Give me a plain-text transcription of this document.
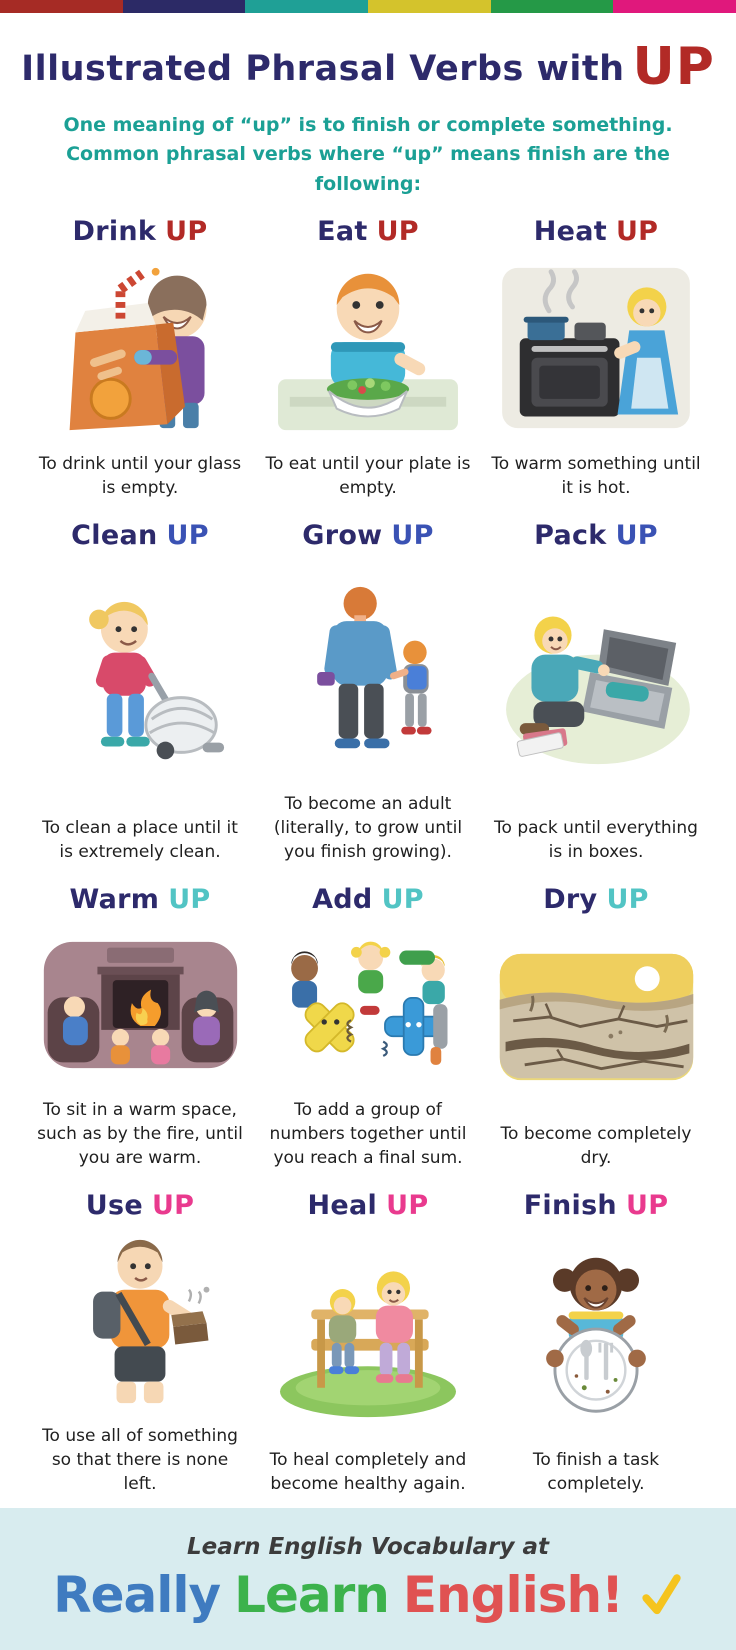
Illustrated Phrasal Verbs with UP
One meaning of “up” is to finish or complete something.
Common phrasal verbs where “up” means finish are the following:
Drink UP

To drink until your glass is empty.

Eat UP

To eat until your plate is empty.

Heat UP

To warm something until it is hot.

Clean UP

To clean a place until it is extremely clean.

Grow UP

To become an adult (literally, to grow until you finish growing).

Pack UP

To pack until everything is in boxes.

Warm UP

To sit in a warm space, such as by the fire, until you are warm.

Add UP

To add a group of numbers together until you reach a final sum.

Dry UP

To become completely dry.

Use UP

To use all of something so that there is none left.

Heal UP

To heal completely and become healthy again.

Finish UP

To finish a task completely.

Learn English Vocabulary at

Really Learn English!
